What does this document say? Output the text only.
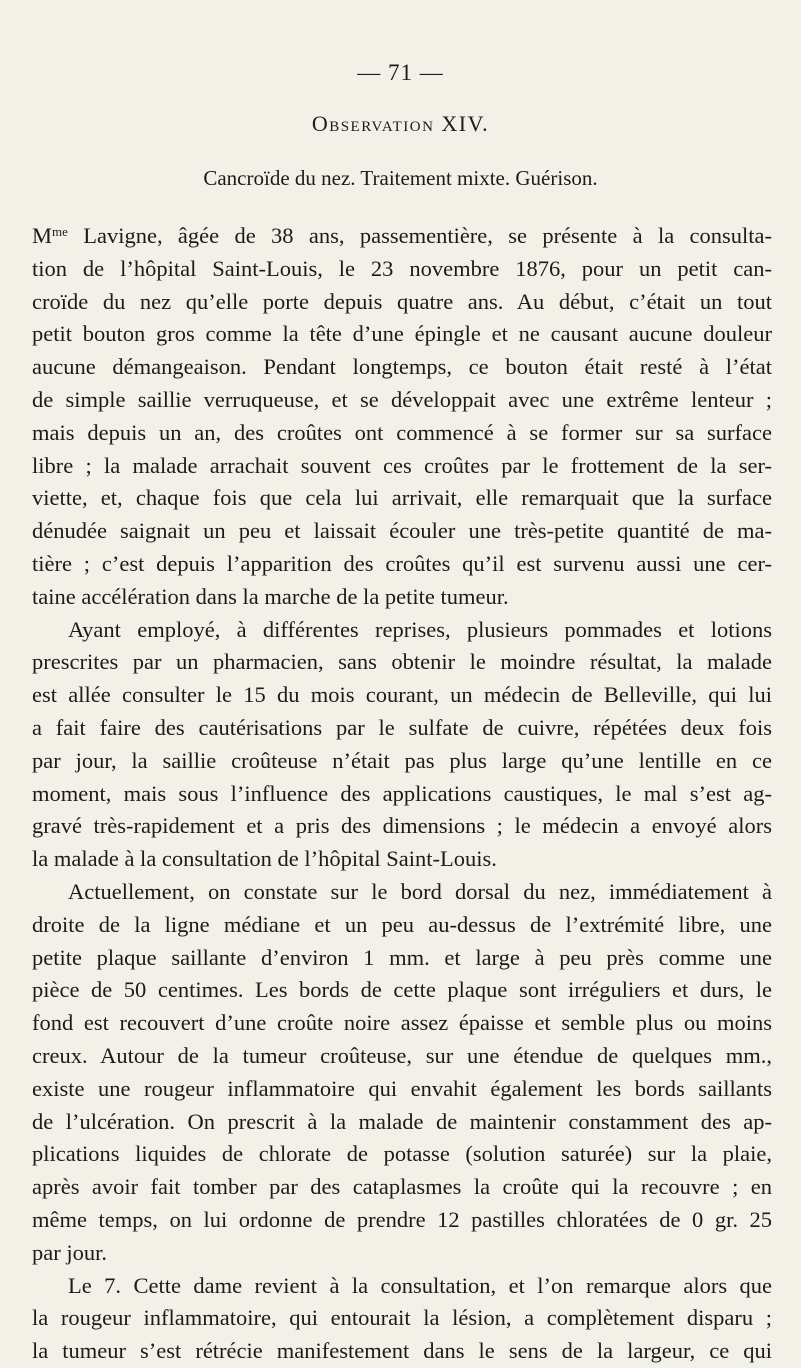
— 71 —
Observation XIV.
Cancroïde du nez. Traitement mixte. Guérison.
$M^{me}$ Lavigne, âgée de 38 ans, passementière, se présente à la consulta-
tion de l’hôpital Saint-Louis, le 23 novembre 1876, pour un petit can-
croïde du nez qu’elle porte depuis quatre ans. Au début, c’était un tout
petit bouton gros comme la tête d’une épingle et ne causant aucune douleur
aucune démangeaison. Pendant longtemps, ce bouton était resté à l’état
de simple saillie verruqueuse, et se développait avec une extrême lenteur ;
mais depuis un an, des croûtes ont commencé à se former sur sa surface
libre ; la malade arrachait souvent ces croûtes par le frottement de la ser-
viette, et, chaque fois que cela lui arrivait, elle remarquait que la surface
dénudée saignait un peu et laissait écouler une très-petite quantité de ma-
tière ; c’est depuis l’apparition des croûtes qu’il est survenu aussi une cer-
taine accélération dans la marche de la petite tumeur.
Ayant employé, à différentes reprises, plusieurs pommades et lotions
prescrites par un pharmacien, sans obtenir le moindre résultat, la malade
est allée consulter le 15 du mois courant, un médecin de Belleville, qui lui
a fait faire des cautérisations par le sulfate de cuivre, répétées deux fois
par jour, la saillie croûteuse n’était pas plus large qu’une lentille en ce
moment, mais sous l’influence des applications caustiques, le mal s’est ag-
gravé très-rapidement et a pris des dimensions ; le médecin a envoyé alors
la malade à la consultation de l’hôpital Saint-Louis.
Actuellement, on constate sur le bord dorsal du nez, immédiatement à
droite de la ligne médiane et un peu au-dessus de l’extrémité libre, une
petite plaque saillante d’environ 1 mm. et large à peu près comme une
pièce de 50 centimes. Les bords de cette plaque sont irréguliers et durs, le
fond est recouvert d’une croûte noire assez épaisse et semble plus ou moins
creux. Autour de la tumeur croûteuse, sur une étendue de quelques mm.,
existe une rougeur inflammatoire qui envahit également les bords saillants
de l’ulcération. On prescrit à la malade de maintenir constamment des ap-
plications liquides de chlorate de potasse (solution saturée) sur la plaie,
après avoir fait tomber par des cataplasmes la croûte qui la recouvre ; en
même temps, on lui ordonne de prendre 12 pastilles chloratées de 0 gr. 25
par jour.
Le 7. Cette dame revient à la consultation, et l’on remarque alors que
la rougeur inflammatoire, qui entourait la lésion, a complètement disparu ;
la tumeur s’est rétrécie manifestement dans le sens de la largeur, ce qui
